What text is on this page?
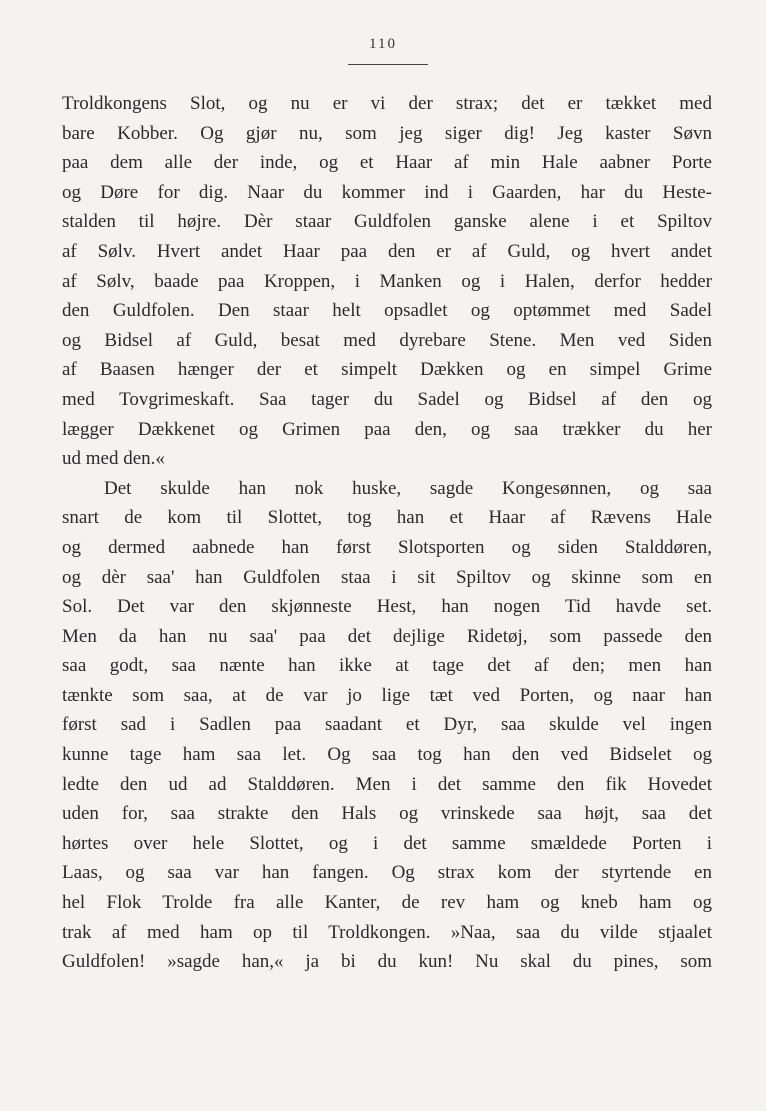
110
Troldkongens Slot, og nu er vi der strax; det er tækket med
bare Kobber. Og gjør nu, som jeg siger dig! Jeg kaster Søvn
paa dem alle der inde, og et Haar af min Hale aabner Porte
og Døre for dig. Naar du kommer ind i Gaarden, har du Heste-
stalden til højre. Dèr staar Guldfolen ganske alene i et Spiltov
af Sølv. Hvert andet Haar paa den er af Guld, og hvert andet
af Sølv, baade paa Kroppen, i Manken og i Halen, derfor hedder
den Guldfolen. Den staar helt opsadlet og optømmet med Sadel
og Bidsel af Guld, besat med dyrebare Stene. Men ved Siden
af Baasen hænger der et simpelt Dækken og en simpel Grime
med Tovgrimeskaft. Saa tager du Sadel og Bidsel af den og
lægger Dækkenet og Grimen paa den, og saa trækker du her
ud med den.«
Det skulde han nok huske, sagde Kongesønnen, og saa
snart de kom til Slottet, tog han et Haar af Rævens Hale
og dermed aabnede han først Slotsporten og siden Stalddøren,
og dèr saa' han Guldfolen staa i sit Spiltov og skinne som en
Sol. Det var den skjønneste Hest, han nogen Tid havde set.
Men da han nu saa' paa det dejlige Ridetøj, som passede den
saa godt, saa nænte han ikke at tage det af den; men han
tænkte som saa, at de var jo lige tæt ved Porten, og naar han
først sad i Sadlen paa saadant et Dyr, saa skulde vel ingen
kunne tage ham saa let. Og saa tog han den ved Bidselet og
ledte den ud ad Stalddøren. Men i det samme den fik Hovedet
uden for, saa strakte den Hals og vrinskede saa højt, saa det
hørtes over hele Slottet, og i det samme smældede Porten i
Laas, og saa var han fangen. Og strax kom der styrtende en
hel Flok Trolde fra alle Kanter, de rev ham og kneb ham og
trak af med ham op til Troldkongen. »Naa, saa du vilde stjaalet
Guldfolen! »sagde han,« ja bi du kun! Nu skal du pines, som
